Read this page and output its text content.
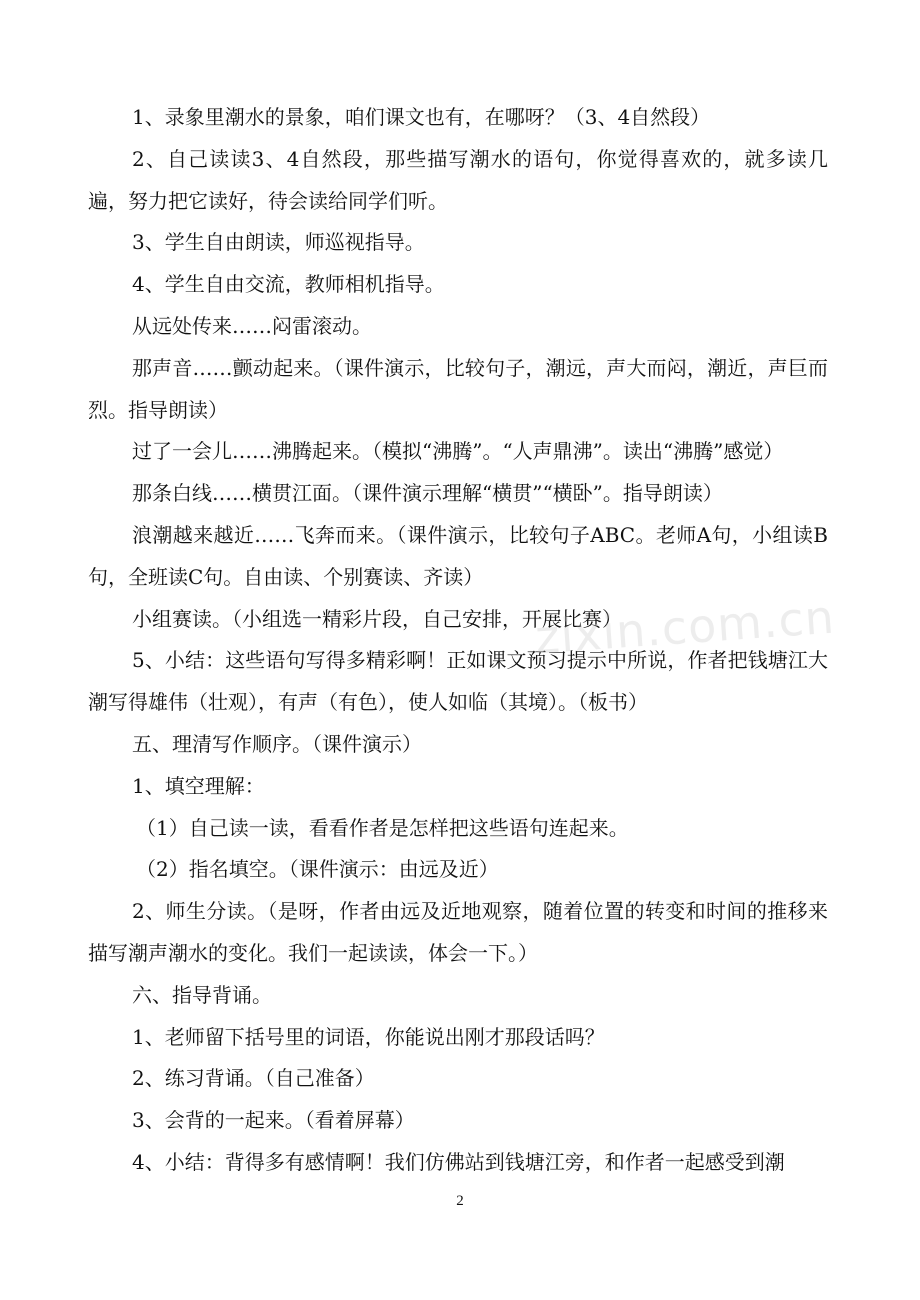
1、录象里潮水的景象，咱们课文也有，在哪呀？（3、4自然段）

2、自己读读3、4自然段，那些描写潮水的语句，你觉得喜欢的，就多读几遍，努力把它读好，待会读给同学们听。

3、学生自由朗读，师巡视指导。

4、学生自由交流，教师相机指导。

从远处传来……闷雷滚动。

那声音……颤动起来。（课件演示，比较句子，潮远，声大而闷，潮近，声巨而烈。指导朗读）

过了一会儿……沸腾起来。（模拟“沸腾”。“人声鼎沸”。读出“沸腾”感觉）

那条白线……横贯江面。（课件演示理解“横贯”“横卧”。指导朗读）

浪潮越来越近……飞奔而来。（课件演示，比较句子ABC。老师A句，小组读B句，全班读C句。自由读、个别赛读、齐读）

小组赛读。（小组选一精彩片段，自己安排，开展比赛）

5、小结：这些语句写得多精彩啊！正如课文预习提示中所说，作者把钱塘江大潮写得雄伟（壮观），有声（有色），使人如临（其境）。（板书）

五、理清写作顺序。（课件演示）

1、填空理解：

（1）自己读一读，看看作者是怎样把这些语句连起来。

（2）指名填空。（课件演示：由远及近）

2、师生分读。（是呀，作者由远及近地观察，随着位置的转变和时间的推移来描写潮声潮水的变化。我们一起读读，体会一下。）

六、指导背诵。

1、老师留下括号里的词语，你能说出刚才那段话吗？

2、练习背诵。（自己准备）

3、会背的一起来。（看着屏幕）

4、小结：背得多有感情啊！我们仿佛站到钱塘江旁，和作者一起感受到潮

zixin.com.cn
2
